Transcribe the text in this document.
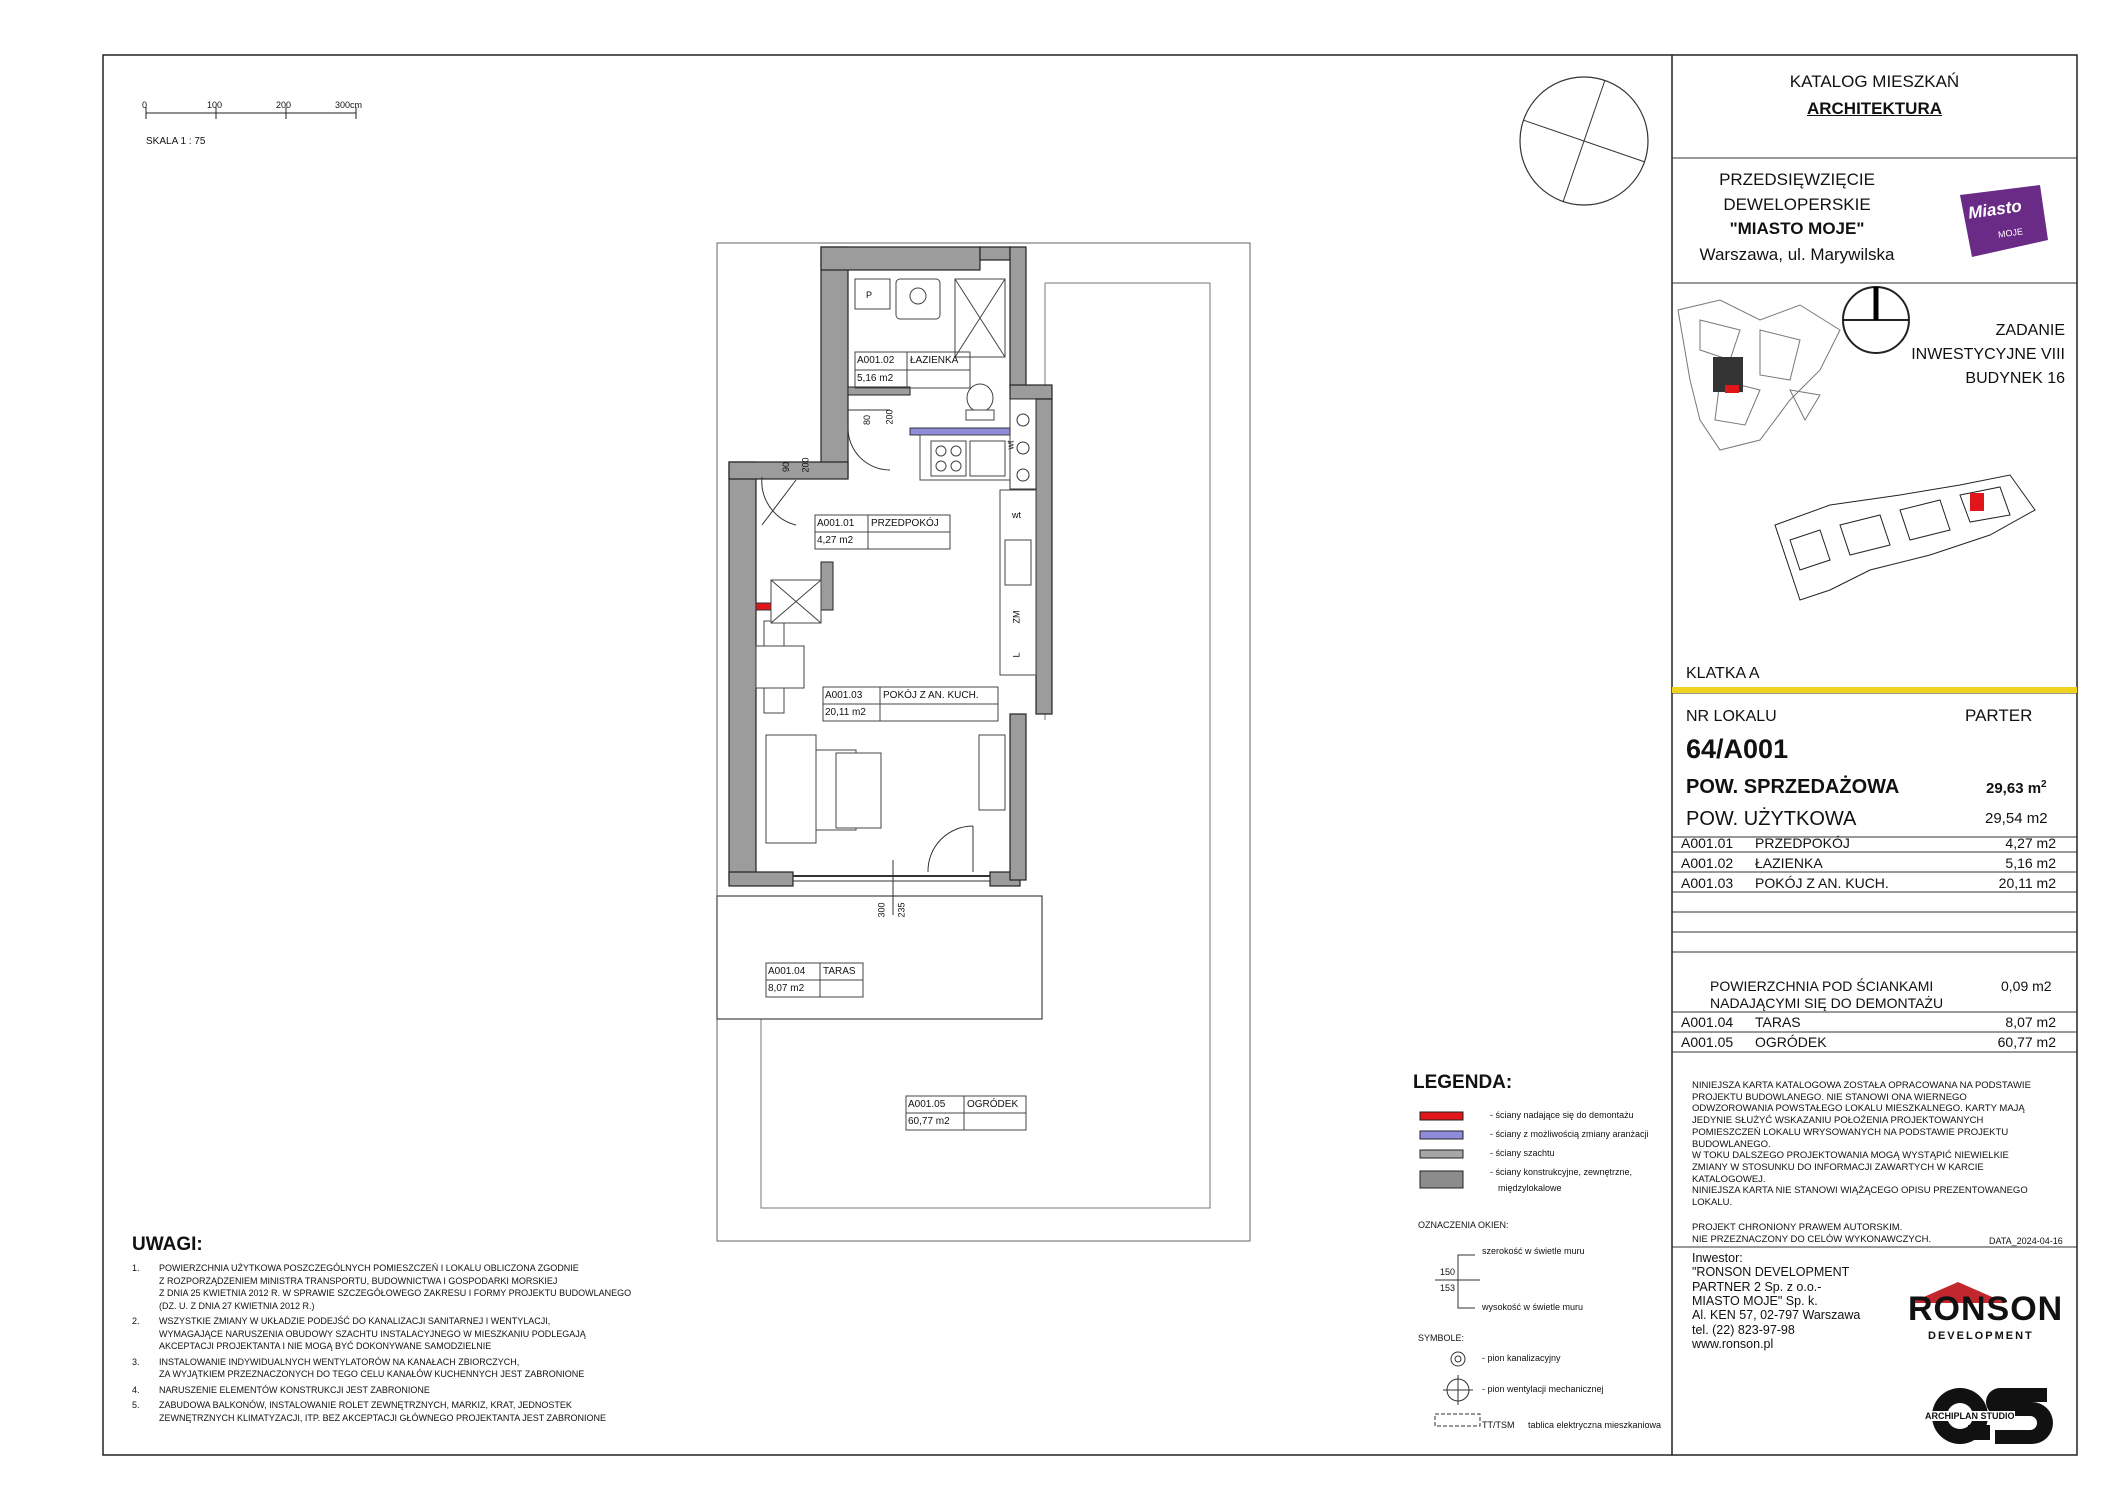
0	100	200	300cm
SKALA 1 : 75
A001.02 ŁAZIENKA
5,16 m2
A001.01 PRZEDPOKÓJ
4,27 m2
A001.03 POKÓJ Z AN. KUCH.
20,11 m2
A001.04 TARAS
8,07 m2
A001.05 OGRÓDEK
60,77 m2
80 200
90 200
300 235
P
wt
wt
ZM
L
LEGENDA:
- ściany nadające się do demontażu
- ściany z możliwością zmiany aranżacji
- ściany szachtu
- ściany konstrukcyjne, zewnętrzne,
międzylokalowe
OZNACZENIA OKIEN:
szerokość w świetle muru
150
153
wysokość w świetle muru
SYMBOLE:
- pion kanalizacyjny
- pion wentylacji mechanicznej
TT/TSM tablica elektryczna mieszkaniowa
UWAGI:
1. POWIERZCHNIA UŻYTKOWA POSZCZEGÓLNYCH POMIESZCZEŃ I LOKALU OBLICZONA ZGODNIE
Z ROZPORZĄDZENIEM MINISTRA TRANSPORTU, BUDOWNICTWA I GOSPODARKI MORSKIEJ
Z DNIA 25 KWIETNIA 2012 R. W SPRAWIE SZCZEGÓŁOWEGO ZAKRESU I FORMY PROJEKTU BUDOWLANEGO
(DZ. U. Z DNIA 27 KWIETNIA 2012 R.)
2. WSZYSTKIE ZMIANY W UKŁADZIE PODEJŚĆ DO KANALIZACJI SANITARNEJ I WENTYLACJI,
WYMAGAJĄCE NARUSZENIA OBUDOWY SZACHTU INSTALACYJNEGO W MIESZKANIU PODLEGAJĄ
AKCEPTACJI PROJEKTANTA I NIE MOGĄ BYĆ DOKONYWANE SAMODZIELNIE
3. INSTALOWANIE INDYWIDUALNYCH WENTYLATORÓW NA KANAŁACH ZBIORCZYCH,
ZA WYJĄTKIEM PRZEZNACZONYCH DO TEGO CELU KANAŁÓW KUCHENNYCH JEST ZABRONIONE
4. NARUSZENIE ELEMENTÓW KONSTRUKCJI JEST ZABRONIONE
5. ZABUDOWA BALKONÓW, INSTALOWANIE ROLET ZEWNĘTRZNYCH, MARKIZ, KRAT, JEDNOSTEK
ZEWNĘTRZNYCH KLIMATYZACJI, ITP. BEZ AKCEPTACJI GŁÓWNEGO PROJEKTANTA JEST ZABRONIONE
KATALOG MIESZKAŃ
ARCHITEKTURA
PRZEDSIĘWZIĘCIE
DEWELOPERSKIE
"MIASTO MOJE"
Warszawa, ul. Marywilska
Miasto
MOJE
ZADANIE
INWESTYCYJNE VIII
BUDYNEK 16
KLATKA A
NR LOKALU	PARTER
64/A001
POW. SPRZEDAŻOWA	29,63 $m^2$
POW. UŻYTKOWA	29,54 m2
A001.01 PRZEDPOKÓJ	4,27 m2
A001.02 ŁAZIENKA	5,16 m2
A001.03 POKÓJ Z AN. KUCH.	20,11 m2
POWIERZCHNIA POD ŚCIANKAMI
NADAJĄCYMI SIĘ DO DEMONTAŻU
0,09 m2
A001.04 TARAS	8,07 m2
A001.05 OGRÓDEK	60,77 m2
NINIEJSZA KARTA KATALOGOWA ZOSTAŁA OPRACOWANA NA PODSTAWIE
PROJEKTU BUDOWLANEGO. NIE STANOWI ONA WIERNEGO
ODWZOROWANIA POWSTAŁEGO LOKALU MIESZKALNEGO. KARTY MAJĄ
JEDYNIE SŁUŻYĆ WSKAZANIU POŁOŻENIA PROJEKTOWANYCH
POMIESZCZEŃ LOKALU WRYSOWANYCH NA PODSTAWIE PROJEKTU
BUDOWLANEGO.
W TOKU DALSZEGO PROJEKTOWANIA MOGĄ WYSTĄPIĆ NIEWIELKIE
ZMIANY W STOSUNKU DO INFORMACJI ZAWARTYCH W KARCIE
KATALOGOWEJ.
NINIEJSZA KARTA NIE STANOWI WIĄŻĄCEGO OPISU PREZENTOWANEGO
LOKALU.
PROJEKT CHRONIONY PRAWEM AUTORSKIM.
NIE PRZEZNACZONY DO CELÓW WYKONAWCZYCH.	DATA_2024-04-16
Inwestor:
"RONSON DEVELOPMENT
PARTNER 2 Sp. z o.o.-
MIASTO MOJE" Sp. k.
Al. KEN 57, 02-797 Warszawa
tel. (22) 823-97-98
www.ronson.pl
RONSON
DEVELOPMENT
ARCHIPLAN STUDIO
